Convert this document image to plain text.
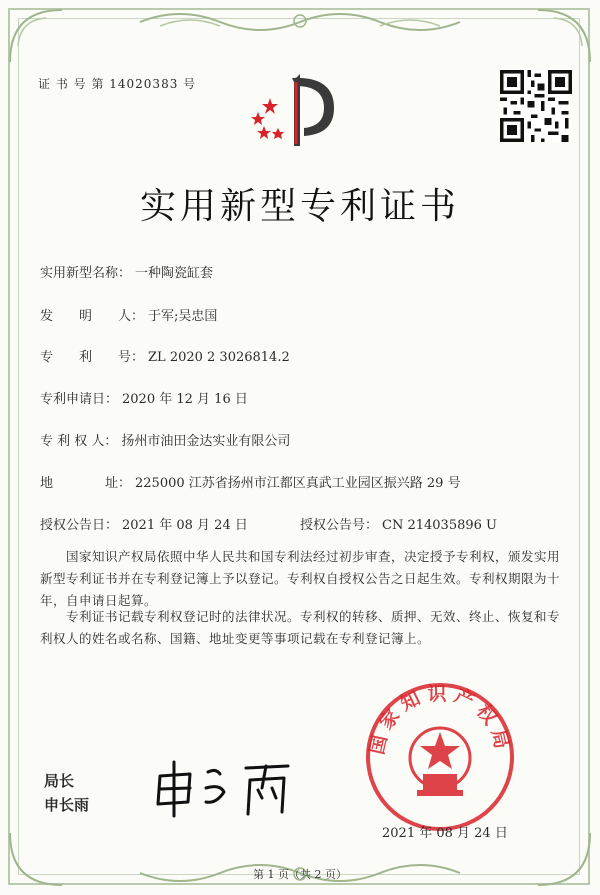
证 书 号 第 14020383 号
实用新型专利证书
实用新型名称： 一种陶瓷缸套
发　　明　　人： 于军;吴忠国
专　　利　　号： ZL 2020 2 3026814.2
专利申请日： 2020 年 12 月 16 日
专 利 权 人： 扬州市油田金达实业有限公司
地　　　　址： 225000 江苏省扬州市江都区真武工业园区振兴路 29 号
授权公告日： 2021 年 08 月 24 日	授权公告号： CN 214035896 U
国家知识产权局依照中华人民共和国专利法经过初步审查，决定授予专利权，颁发实用新型专利证书并在专利登记簿上予以登记。专利权自授权公告之日起生效。专利权期限为十年，自申请日起算。
专利证书记载专利权登记时的法律状况。专利权的转移、质押、无效、终止、恢复和专利权人的姓名或名称、国籍、地址变更等事项记载在专利登记簿上。
局长
申长雨
国家知识产权局
2021 年 08 月 24 日
第 1 页（共 2 页）
